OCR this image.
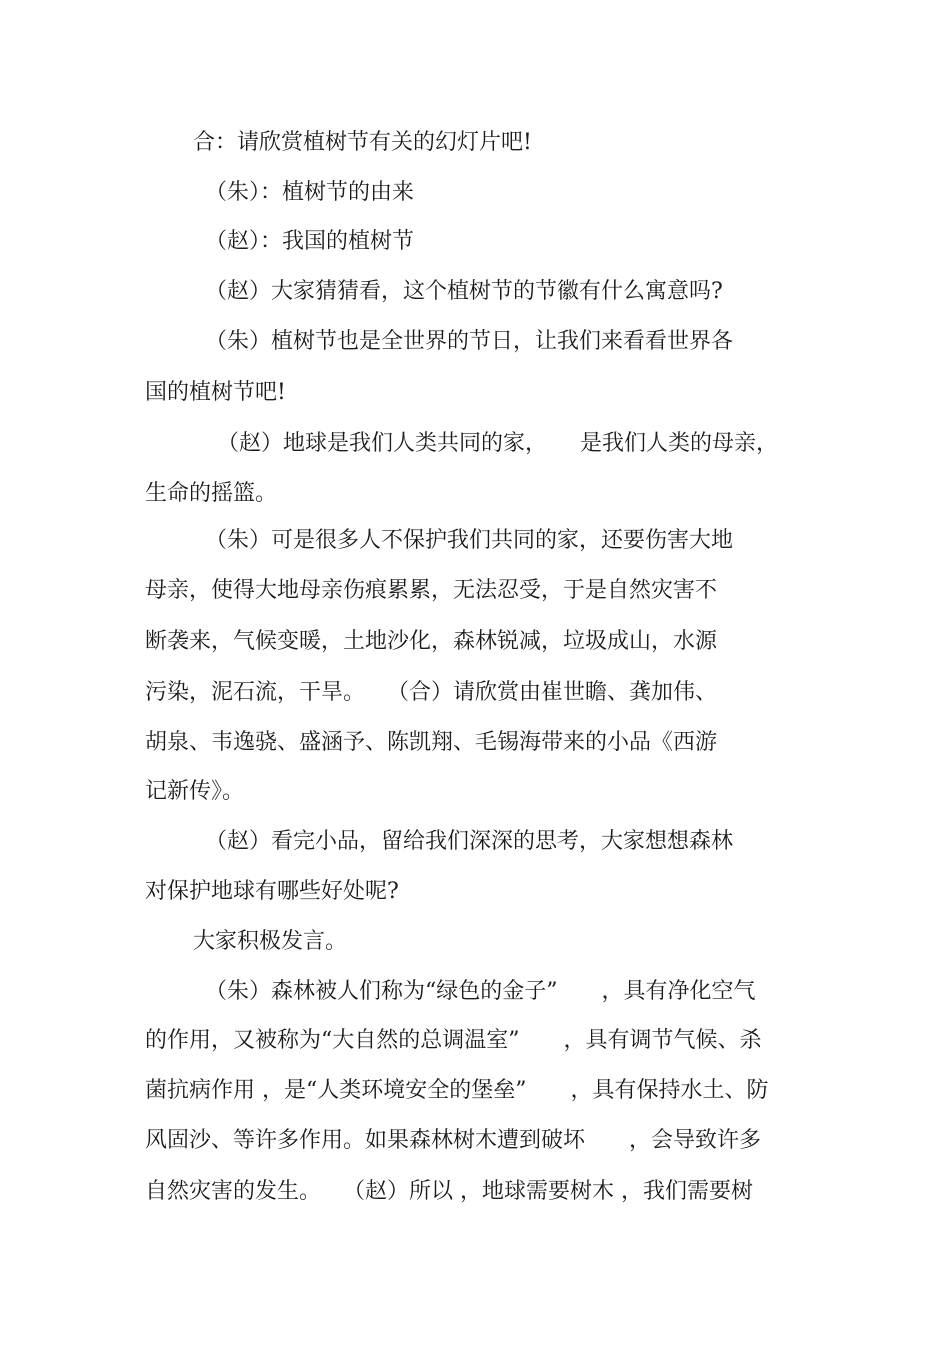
合：请欣赏植树节有关的幻灯片吧!

（朱）：植树节的由来

（赵）：我国的植树节

（赵）大家猜猜看，这个植树节的节徽有什么寓意吗?

（朱）植树节也是全世界的节日，让我们来看看世界各

国的植树节吧!

（赵）地球是我们人类共同的家，　　是我们人类的母亲，

生命的摇篮。

（朱）可是很多人不保护我们共同的家，还要伤害大地

母亲，使得大地母亲伤痕累累，无法忍受，于是自然灾害不

断袭来，气候变暖，土地沙化，森林锐减，垃圾成山，水源

污染，泥石流，干旱。　　（合）请欣赏由崔世瞻、龚加伟、

胡泉、韦逸骁、盛涵予、陈凯翔、毛锡海带来的小品《西游

记新传》。

（赵）看完小品，留给我们深深的思考，大家想想森林

对保护地球有哪些好处呢?

大家积极发言。

（朱）森林被人们称为“绿色的金子”　　，具有净化空气

的作用，又被称为“大自然的总调温室”　　，具有调节气候、杀

菌抗病作用 ，是“人类环境安全的堡垒”　　，具有保持水土、防

风固沙、等许多作用。如果森林树木遭到破坏　　，会导致许多

自然灾害的发生。　　（赵）所以 ，地球需要树木 ，我们需要树
